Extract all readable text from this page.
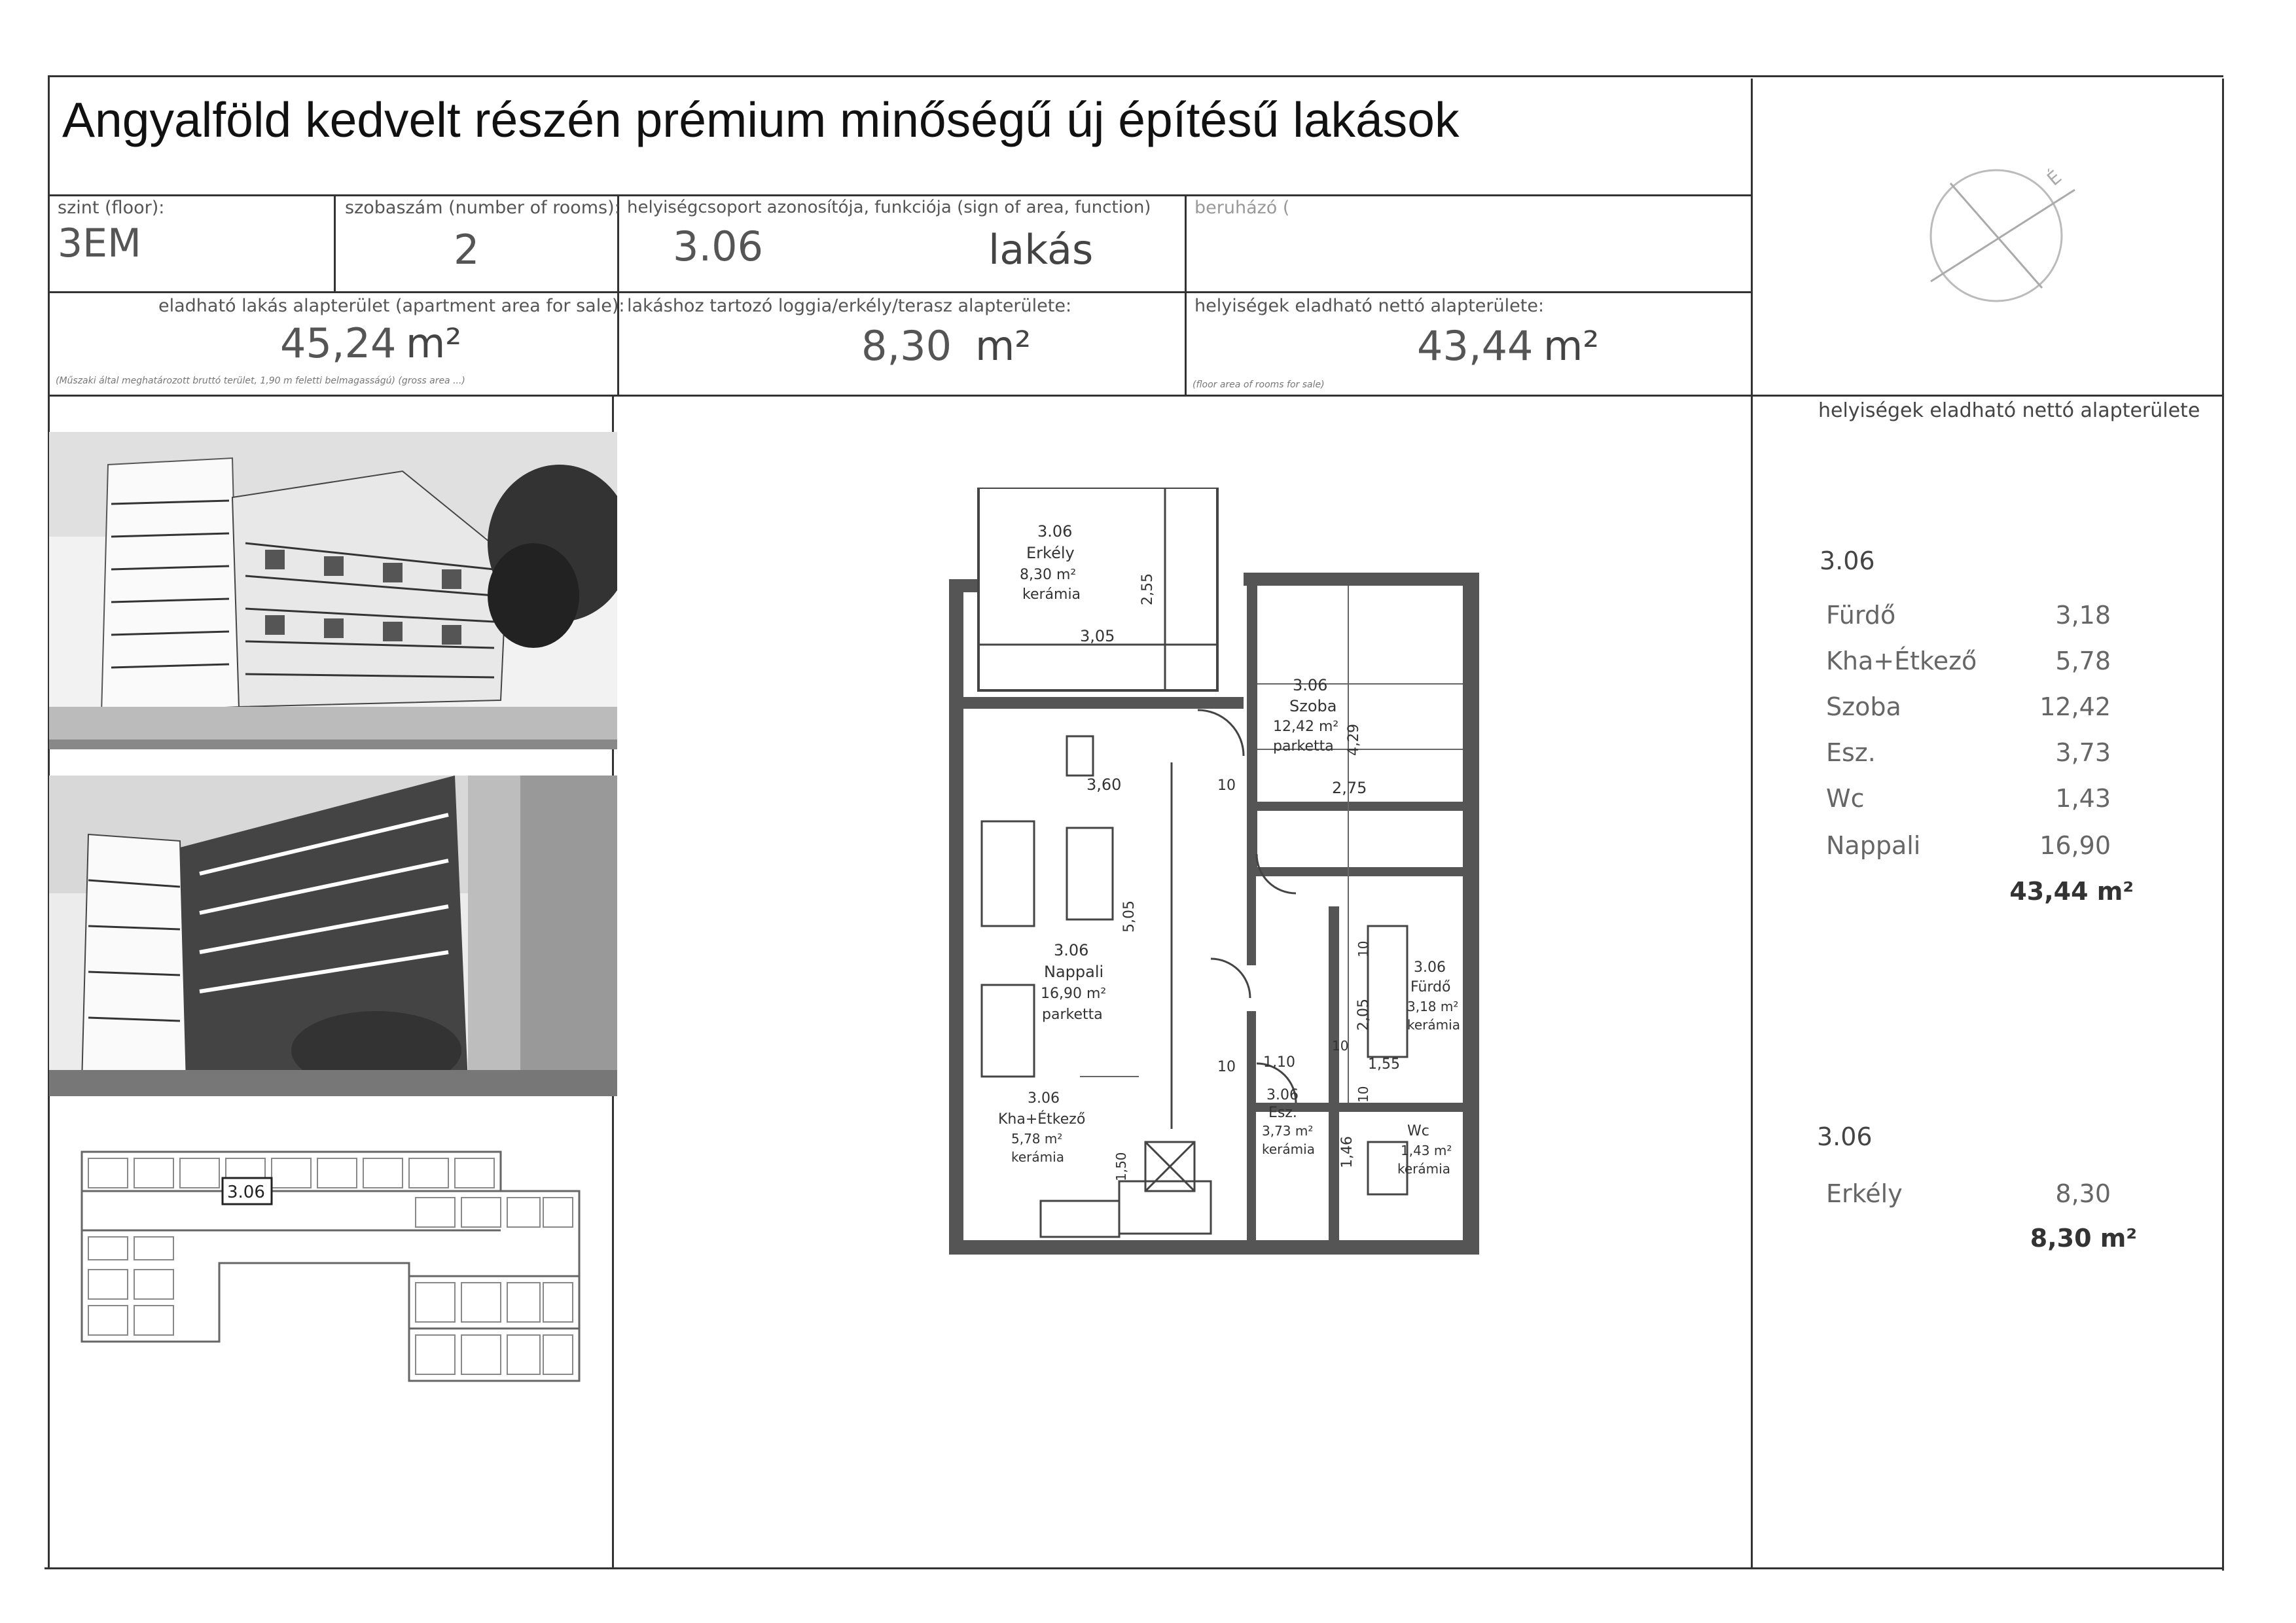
Angyalföld kedvelt részén prémium minőségű új építésű lakások
szint (floor):
3EM
szobaszám (number of rooms):
2
helyiségcsoport azonosítója, funkciója (sign of area, function)
3.06	lakás
beruházó (
eladható lakás alapterület (apartment area for sale):
45,24 m²
(Műszaki által meghatározott bruttó terület, 1,90 m feletti belmagasságú) (gross area ...)
lakáshoz tartozó loggia/erkély/terasz alapterülete:
8,30 m²
helyiségek eladható nettó alapterülete:
43,44 m²
(floor area of rooms for sale)
É
3.06
3.06
Erkély
8,30 m²
kerámia	2,55
3,05
3.06
Szoba
12,42 m²
parketta 4,29
2,75
3.06
Nappali
16,90 m²
parketta
3,60
5,05
10
10
3.06
Fürdő
3,18 m²
kerámia
2,05
1,55
10
10
10
3.06
Esz.
3,73 m²
kerámia 1,46
1,10
Wc
1,43 m²
kerámia
3.06
Kha+Étkező
5,78 m²
kerámia	1,50
helyiségek eladható nettó alapterülete
3.06
Fürdő	3,18
Kha+Étkező	5,78
Szoba	12,42
Esz.	3,73
Wc	1,43
Nappali	16,90
43,44 m²
3.06
Erkély	8,30
8,30 m²
